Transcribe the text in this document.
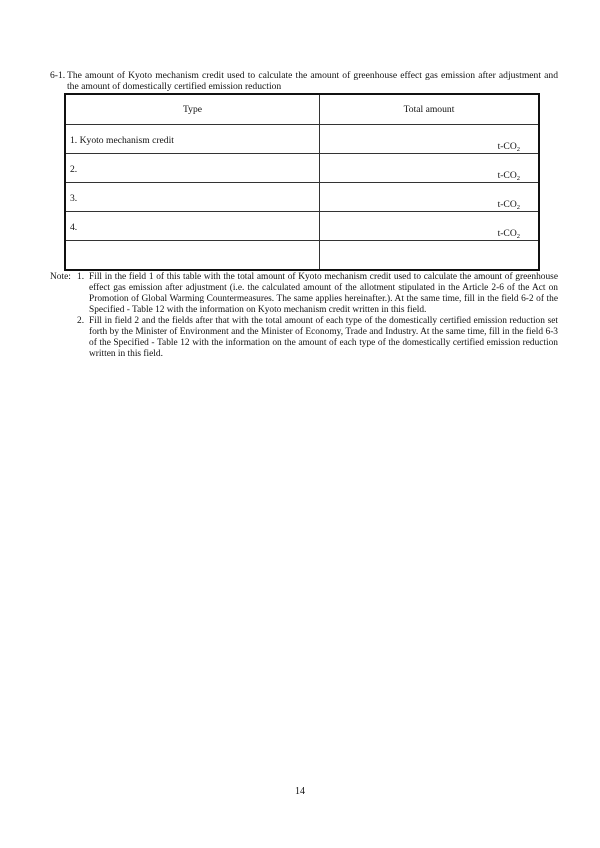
6-1. The amount of Kyoto mechanism credit used to calculate the amount of greenhouse effect gas emission after adjustment and the amount of domestically certified emission reduction
Type	Total amount

1. Kyoto mechanism credit	$t-CO_2$

2.	$t-CO_2$

3.	$t-CO_2$

4.	$t-CO_2$

Note: 1. Fill in the field 1 of this table with the total amount of Kyoto mechanism credit used to calculate the amount of greenhouse effect gas emission after adjustment (i.e. the calculated amount of the allotment stipulated in the Article 2-6 of the Act on Promotion of Global Warming Countermeasures. The same applies hereinafter.). At the same time, fill in the field 6-2 of the Specified - Table 12 with the information on Kyoto mechanism credit written in this field.
2. Fill in field 2 and the fields after that with the total amount of each type of the domestically certified emission reduction set forth by the Minister of Environment and the Minister of Economy, Trade and Industry. At the same time, fill in the field 6-3 of the Specified - Table 12 with the information on the amount of each type of the domestically certified emission reduction written in this field.
14
